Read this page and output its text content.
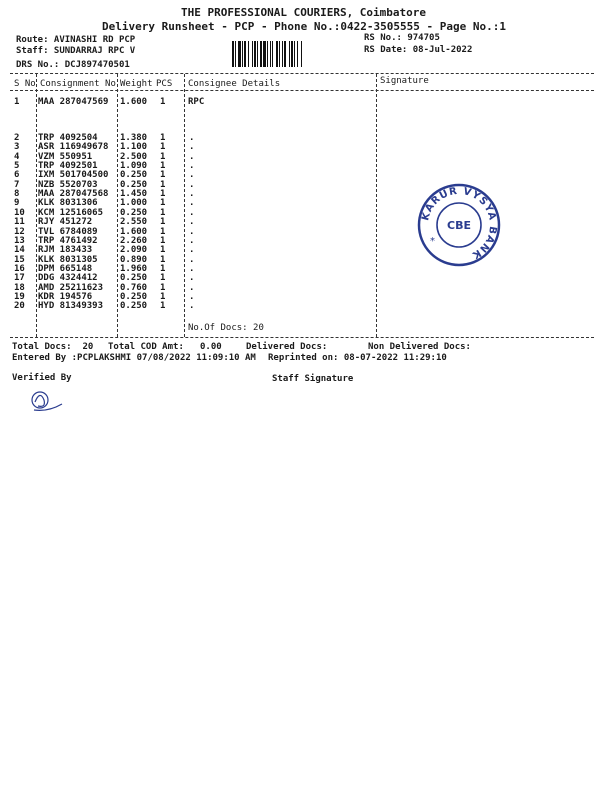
THE PROFESSIONAL COURIERS, Coimbatore
Delivery Runsheet - PCP - Phone No.:0422-3505555 - Page No.:1
Route: AVINASHI RD PCP
Staff: SUNDARRAJ RPC V
DRS No.: DCJ897470501
RS No.: 974705
RS Date: 08-Jul-2022
S No Consignment No Weight PCS Consignee Details	Signature
1 MAA 287047569 1.600 1	RPC
2 TRP 4092504 1.380 1	.
3 ASR 116949678 1.100 1	.
4 VZM 550951	2.500 1	.
5 TRP 4092501 1.090 1	.
6 IXM 501704500 0.250 1	.
7 NZB 5520703 0.250 1	.
8 MAA 287047568 1.450 1	.
9 KLK 8031306 1.000 1	.
10 KCM 12516065 0.250 1	.
11 RJY 451272	2.550 1	.
12 TVL 6784089 1.600 1	.
13 TRP 4761492 2.260 1	.
14 RJM 183433	2.090 1	.
15 KLK 8031305 0.890 1	.
16 DPM 665148	1.960 1	.
17 DDG 4324412 0.250 1	.
18 AMD 25211623 0.760 1	.
19 KDR 194576	0.250 1	.
20 HYD 81349393 0.250 1	.
No.Of Docs: 20
Total Docs:  20 Total COD Amt: 0.00	Delivered Docs:	Non Delivered Docs:
Entered By :PCPLAKSHMI 07/08/2022 11:09:10 AM Reprinted on: 08-07-2022 11:29:10
Verified By	Staff Signature
KARUR VYSYA BANK
CBE
*
